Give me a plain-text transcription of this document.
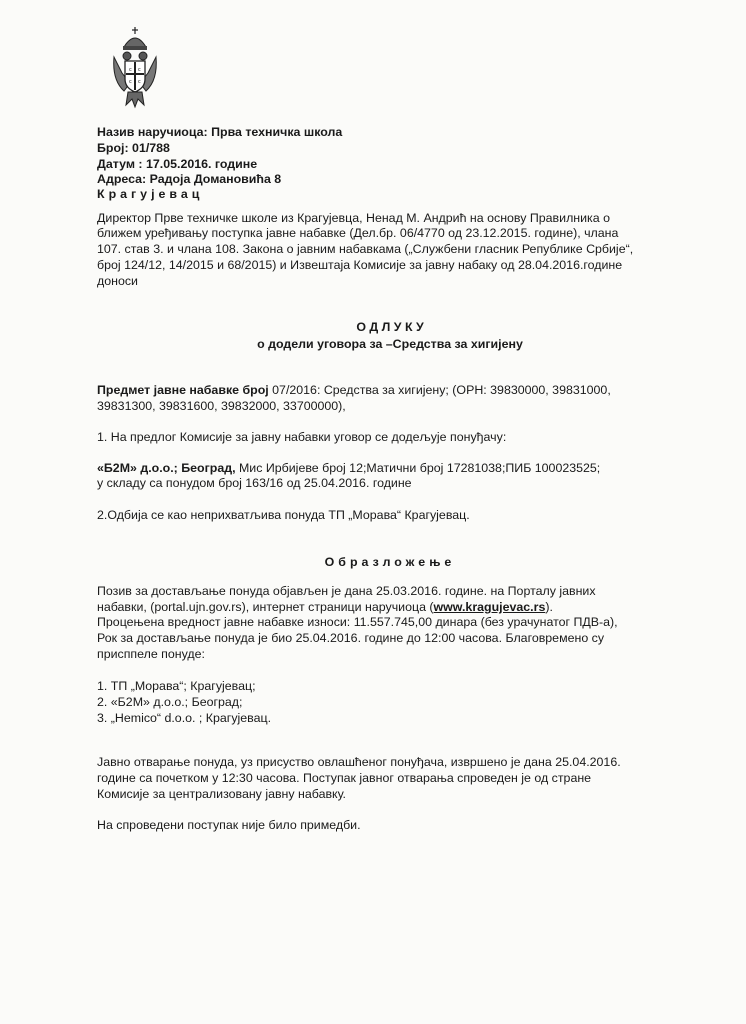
с с
с с
Назив наручиоца: Прва техничка школа
Број: 01/788
Датум : 17.05.2016. године
Адреса: Радоја Домановића 8
Крагујевац
Директор Прве техничке школе из Крагујевца, Ненад М. Андрић на основу Правилника о
ближем уређивању поступка јавне набавке (Дел.бр. 06/4770 од 23.12.2015. године), члана
107. став 3. и члана 108. Закона о јавним набавкама („Службени гласник Републике Србије“,
број 124/12, 14/2015 и 68/2015) и Извештаја Комисије за јавну набаку од 28.04.2016.године
доноси
О Д Л У К У
о додели уговора за –Средства за хигијену
Предмет јавне набавке број 07/2016: Средства за хигијену; (ОРН: 39830000, 39831000,
39831300, 39831600, 39832000, 33700000),
1. На предлог Комисије за јавну набавки уговор се додељује понуђачу:
«Б2М» д.о.о.; Београд, Мис Ирбијеве број 12;Матични број 17281038;ПИБ 100023525;
у складу са понудом број 163/16 од 25.04.2016. године
2.Одбија се као неприхватљива понуда ТП „Морава“ Крагујевац.
Образложење
Позив за достављање понуда објављен је дана 25.03.2016. године. на Порталу јавних
набавки, (portal.ujn.gov.rs), интернет страници наручиоца (www.kragujevac.rs).
Процењена вредност јавне набавке износи: 11.557.745,00 динара (без урачунатог ПДВ-а),
Рок за достављање понуда је био 25.04.2016. године до 12:00 часова. Благовремено су
присппеле понуде:
1. ТП „Морава“; Крагујевац;
2. «Б2М» д.о.о.; Београд;
3. „Hemico“ d.o.o. ; Крагујевац.
Јавно отварање понуда, уз присуство овлашћеног понуђача, извршено је дана 25.04.2016.
године са почетком у 12:30 часова. Поступак јавног отварања спроведен је од стране
Комисије за централизовану јавну набавку.
На спроведени поступак није било примедби.
